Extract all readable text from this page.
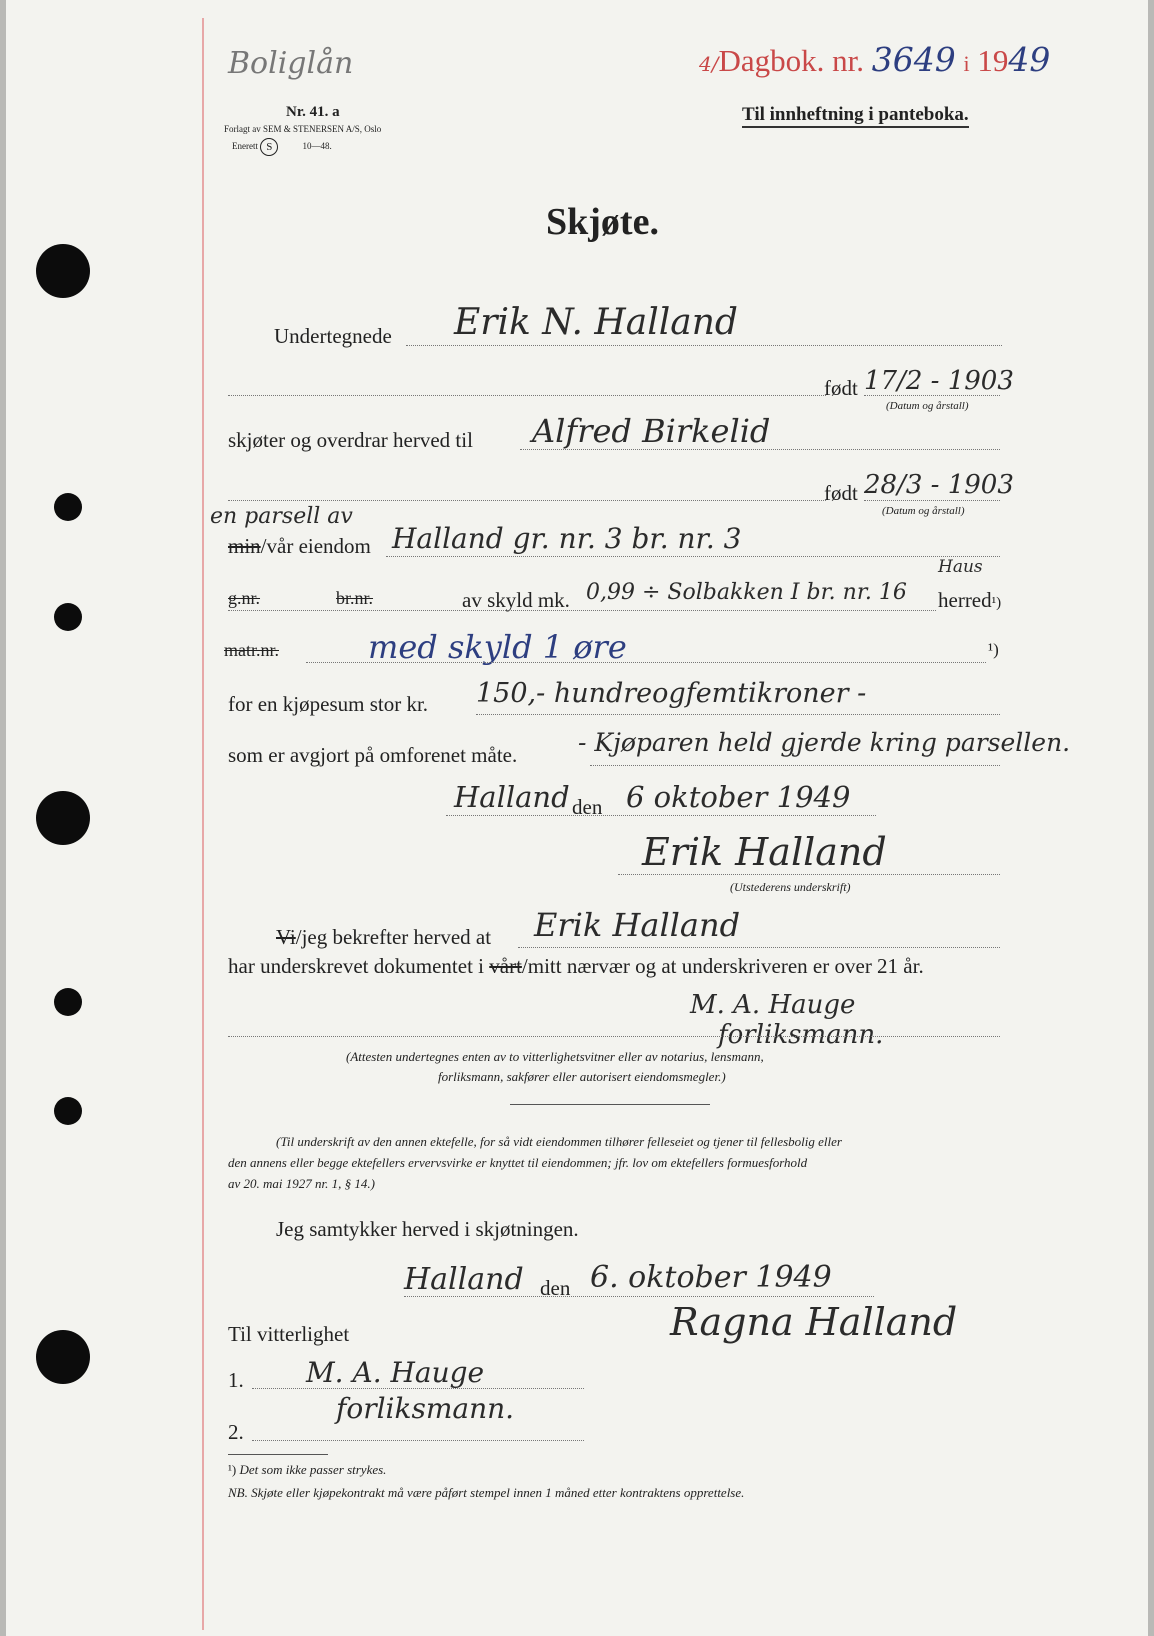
Boliglån
Nr. 41. a
Forlagt av SEM & STENERSEN A/S, Oslo
Enerett S	10—48.
4/Dagbok. nr. 3649 i 1949
Til innheftning i panteboka.
Skjøte.
Undertegnede Erik N. Halland
født 17/2 - 1903
(Datum og årstall)
skjøter og overdrar herved til Alfred Birkelid
født 28/3 - 1903
(Datum og årstall)
en parsell av
min/vår eiendom Halland gr. nr. 3 br. nr. 3
g.nr.	br.nr.	av skyld mk. 0,99 ÷ Solbakken I br. nr. 16
Haus
herred¹)
matr.nr.	med skyld 1 øre	¹)
for en kjøpesum stor kr. 150,- hundreogfemtikroner -
som er avgjort på omforenet måte. - Kjøparen held gjerde kring parsellen.
Halland den 6 oktober 1949
Erik Halland
(Utstederens underskrift)
Vi/jeg bekrefter herved at Erik Halland
har underskrevet dokumentet i vårt/mitt nærvær og at underskriveren er over 21 år.
M. A. Hauge
forliksmann.
(Attesten undertegnes enten av to vitterlighetsvitner eller av notarius, lensmann,
forliksmann, sakfører eller autorisert eiendomsmegler.)
(Til underskrift av den annen ektefelle, for så vidt eiendommen tilhører felleseiet og tjener til fellesbolig eller
den annens eller begge ektefellers ervervsvirke er knyttet til eiendommen; jfr. lov om ektefellers formuesforhold
av 20. mai 1927 nr. 1, § 14.)
Jeg samtykker herved i skjøtningen.
Halland den 6. oktober 1949
Til vitterlighet	Ragna Halland
1. M. A. Hauge
forliksmann.
2.
¹) Det som ikke passer strykes.
NB. Skjøte eller kjøpekontrakt må være påført stempel innen 1 måned etter kontraktens opprettelse.
